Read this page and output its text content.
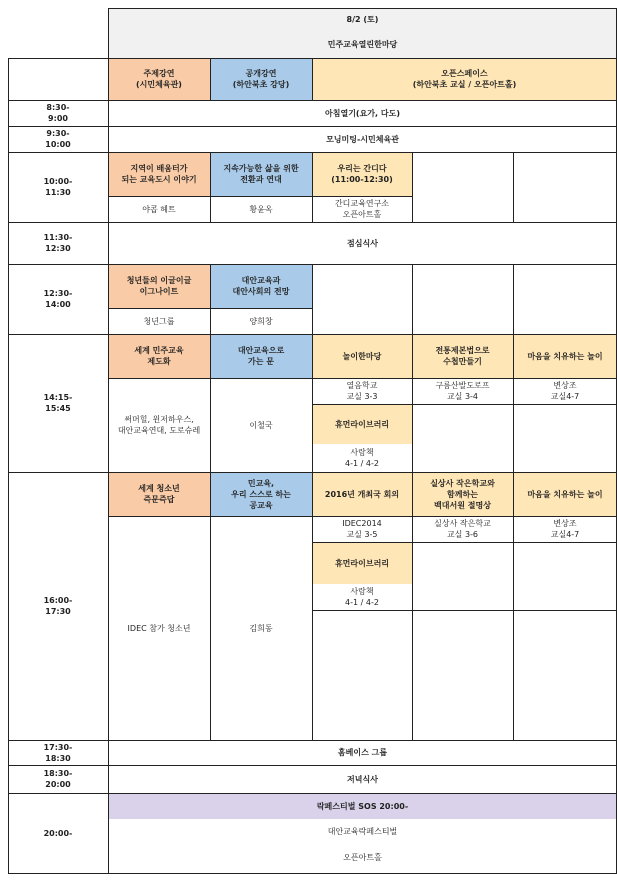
8/2 (토)
민주교육열린한마당
주제강연
(시민체육관)
공개강연
(하안북초 강당)
오픈스페이스
(하안북초 교실 / 오픈아트홀)
8:30-
9:00
9:30-
10:00
10:00-
11:30
11:30-
12:30
12:30-
14:00
14:15-
15:45
16:00-
17:30
17:30-
18:30
18:30-
20:00
20:00-
아침열기(요가, 다도)
모닝미팅-시민체육관
점심식사
홈베이스 그룹
저녁식사
락페스티벌 SOS 20:00-
대안교육락페스티벌
오픈아트홀
지역이 배움터가
되는 교육도시 이야기
야콥 헤트
지속가능한 삶을 위한
전환과 연대
황윤옥
우리는 간디다
(11:00-12:30)
간디교육연구소
오픈아트홀
청년들의 이글이글
이그나이트
청년그룹
대안교육과
대안사회의 전망
양희창
세계 민주교육
제도화
써머힐, 윈저하우스,
대안교육연대, 도로슈레
대안교육으로
가는 문
이철국
놀이한마당
열음학교
교실 3-3
휴먼라이브러리
사람책
4-1 / 4-2
전통제본법으로
수첩만들기
구름산발도로프
교실 3-4
마음을 치유하는 놀이
변상조
교실4-7
세계 청소년
즉문즉답
IDEC 참가 청소년
민교육,
우리 스스로 하는
공교육
김희동
2016년 개최국 회의
IDEC2014
교실 3-5
휴먼라이브러리
사람책
4-1 / 4-2
실상사 작은학교와
함께하는
백대서원 절명상
실상사 작은학교
교실 3-6
마음을 치유하는 놀이
변상조
교실4-7
